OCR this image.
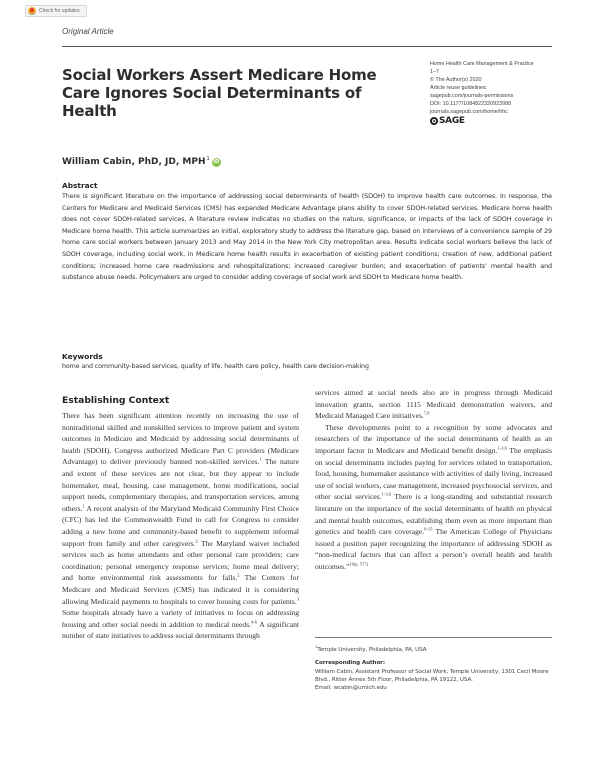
Check for updates
Original Article
Social Workers Assert Medicare Home Care Ignores Social Determinants of Health
Home Health Care Management & Practice
1–7
© The Author(s) 2020
Article reuse guidelines:
sagepub.com/journals-permissions
DOI: 10.1177/1084822320923988
journals.sagepub.com/home/hhc
SAGE
William Cabin, PhD, JD, MPH$^1$ iD
Abstract
There is significant literature on the importance of addressing social determinants of health (SDOH) to improve health care outcomes. In response, the Centers for Medicare and Medicaid Services (CMS) has expanded Medicare Advantage plans ability to cover SDOH-related services. Medicare home health does not cover SDOH-related services. A literature review indicates no studies on the nature, significance, or impacts of the lack of SDOH coverage in Medicare home health. This article summarizes an initial, exploratory study to address the literature gap, based on interviews of a convenience sample of 29 home care social workers between January 2013 and May 2014 in the New York City metropolitan area. Results indicate social workers believe the lack of SDOH coverage, including social work, in Medicare home health results in exacerbation of existing patient conditions; creation of new, additional patient conditions; increased home care readmissions and rehospitalizations; increased caregiver burden; and exacerbation of patients’ mental health and substance abuse needs. Policymakers are urged to consider adding coverage of social work and SDOH to Medicare home health.
Keywords
home and community-based services, quality of life, health care policy, health care decision-making
Establishing Context

There has been significant attention recently on increasing the use of nontraditional skilled and nonskilled services to improve patient and system outcomes in Medicare and Medicaid by addressing social determinants of health (SDOH). Congress authorized Medicare Part C providers (Medicare Advantage) to deliver previously banned non-skilled services.$^1$ The nature and extent of these services are not clear, but they appear to include homemaker, meal, housing, case management, home modifications, social support needs, complementary therapies, and transportation services, among others.$^1$ A recent analysis of the Maryland Medicaid Community First Choice (CFC) has led the Commonwealth Fund to call for Congress to consider adding a new home and community-based benefit to supplement informal support from family and other caregivers.$^2$ The Maryland waiver included services such as home attendants and other personal care providers; care coordination; personal emergency response services; home meal delivery; and home environmental risk assessments for falls.$^2$ The Centers for Medicare and Medicaid Services (CMS) has indicated it is considering allowing Medicaid payments to hospitals to cover housing costs for patients.$^3$ Some hospitals already have a variety of initiatives to focus on addressing housing and other social needs in addition to medical needs.$^{4-6}$ A significant number of state initiatives to address social determinants through

services aimed at social needs also are in progress through Medicaid innovation grants, section 1115 Medicaid demonstration waivers, and Medicaid Managed Care initiatives.$^{7,8}$

These developments point to a recognition by some advocates and researchers of the importance of the social determinants of health as an important factor in Medicare and Medicaid benefit design.$^{1-3,6}$ The emphasis on social determinants includes paying for services related to transportation, food, housing, homemaker assistance with activities of daily living, increased use of social workers, case management, increased psychosocial services, and other social services.$^{1-3,6}$ There is a long-standing and substantial research literature on the importance of the social determinants of health on physical and mental health outcomes, establishing them even as more important than genetics and health care coverage.$^{9-15}$ The American College of Physicians issued a position paper recognizing the importance of addressing SDOH as “non-medical factors that can affect a person’s overall health and health outcomes.”$^{16(p. 577)}$

$^1$Temple University, Philadelphia, PA, USA
Corresponding Author:
William Cabin, Assistant Professor of Social Work, Temple University, 1301 Cecil Moore Blvd., Ritter Annex 5th Floor, Philadelphia, PA 19122, USA.
Email: wcabin@umich.edu
